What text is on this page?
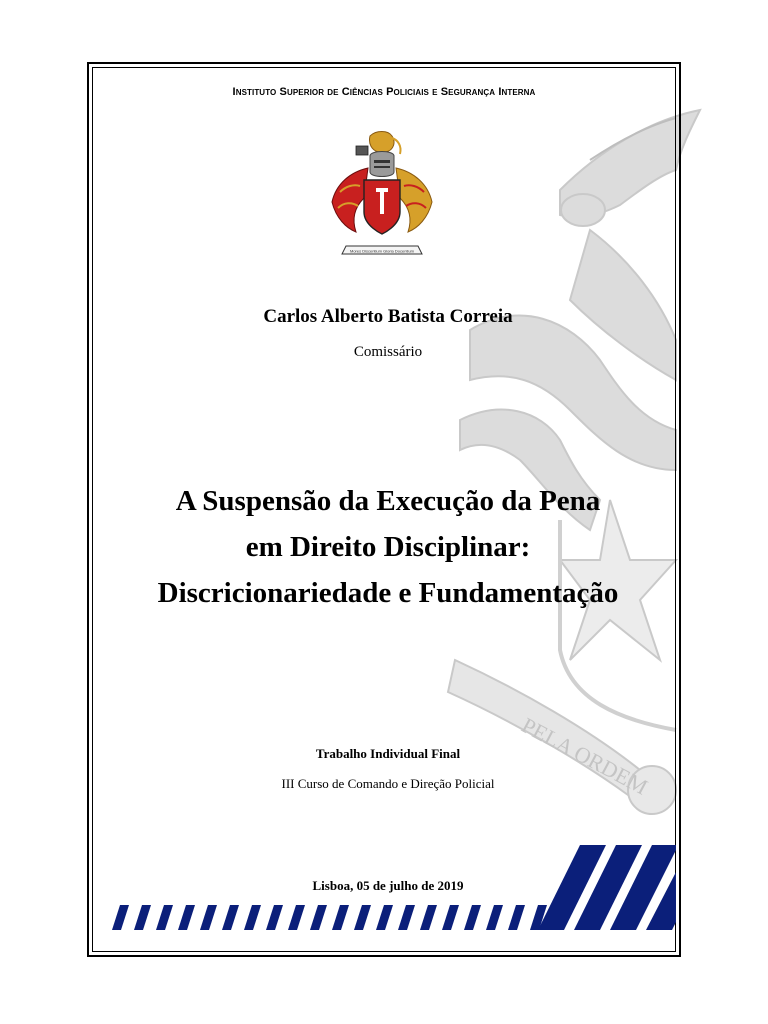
PELA ORDEM
Instituto Superior de Ciências Policiais e Segurança Interna
Mores Discentium Gloria Docentium
Carlos Alberto Batista Correia
Comissário
A Suspensão da Execução da Pena
em Direito Disciplinar:
Discricionariedade e Fundamentação
Trabalho Individual Final
III Curso de Comando e Direção Policial
Lisboa, 05 de julho de 2019
